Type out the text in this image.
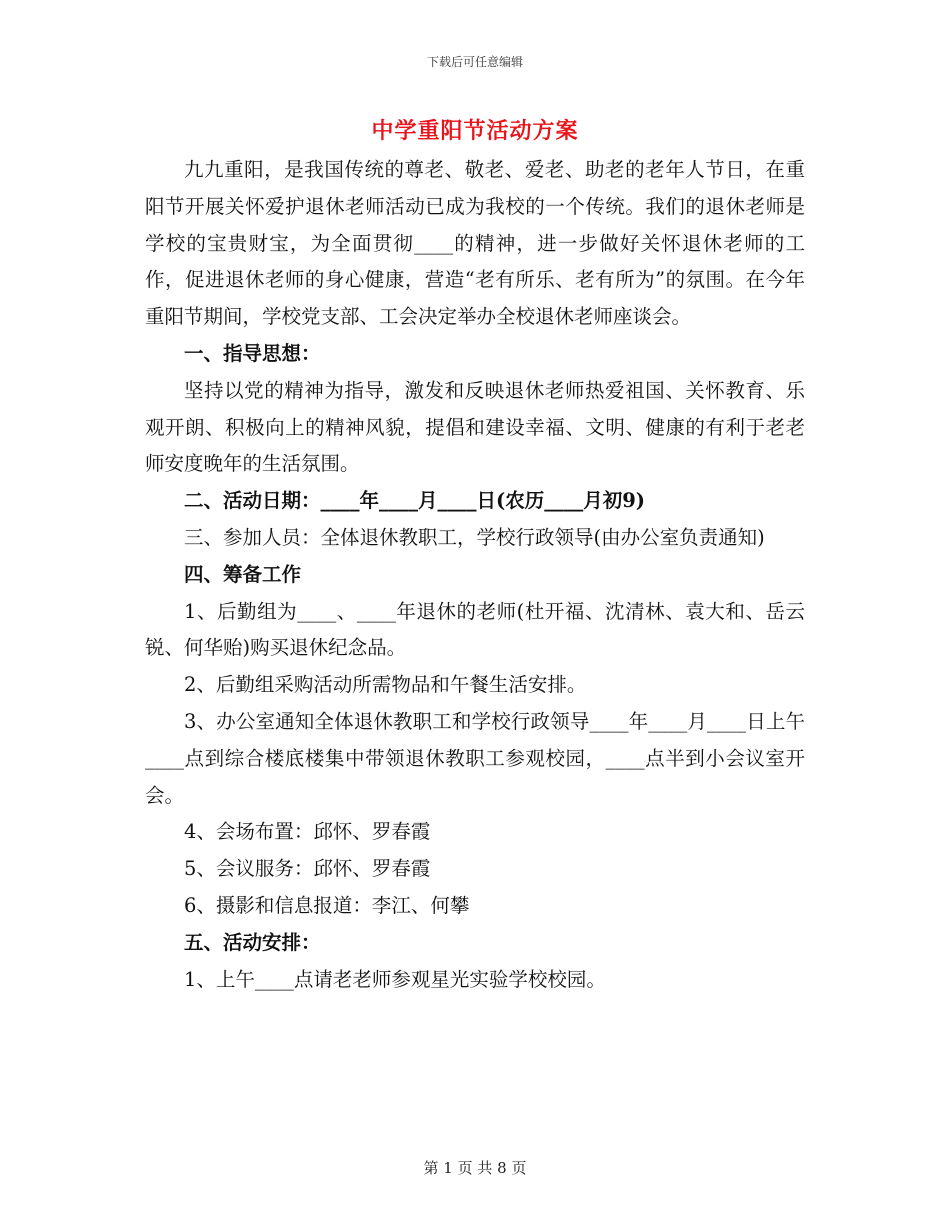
下载后可任意编辑
中学重阳节活动方案

九九重阳，是我国传统的尊老、敬老、爱老、助老的老年人节日，在重阳节开展关怀爱护退休老师活动已成为我校的一个传统。我们的退休老师是学校的宝贵财宝，为全面贯彻____的精神，进一步做好关怀退休老师的工作，促进退休老师的身心健康，营造“老有所乐、老有所为”的氛围。在今年重阳节期间，学校党支部、工会决定举办全校退休老师座谈会。

一、指导思想：

坚持以党的精神为指导，激发和反映退休老师热爱祖国、关怀教育、乐观开朗、积极向上的精神风貌，提倡和建设幸福、文明、健康的有利于老老师安度晚年的生活氛围。

二、活动日期：____年____月____日(农历____月初9)

三、参加人员：全体退休教职工，学校行政领导(由办公室负责通知)

四、筹备工作

1、后勤组为____、____年退休的老师(杜开福、沈清林、袁大和、岳云锐、何华贻)购买退休纪念品。

2、后勤组采购活动所需物品和午餐生活安排。

3、办公室通知全体退休教职工和学校行政领导____年____月____日上午____点到综合楼底楼集中带领退休教职工参观校园，____点半到小会议室开会。

4、会场布置：邱怀、罗春霞

5、会议服务：邱怀、罗春霞

6、摄影和信息报道：李江、何攀

五、活动安排：

1、上午____点请老老师参观星光实验学校校园。

第 1 页 共 8 页
